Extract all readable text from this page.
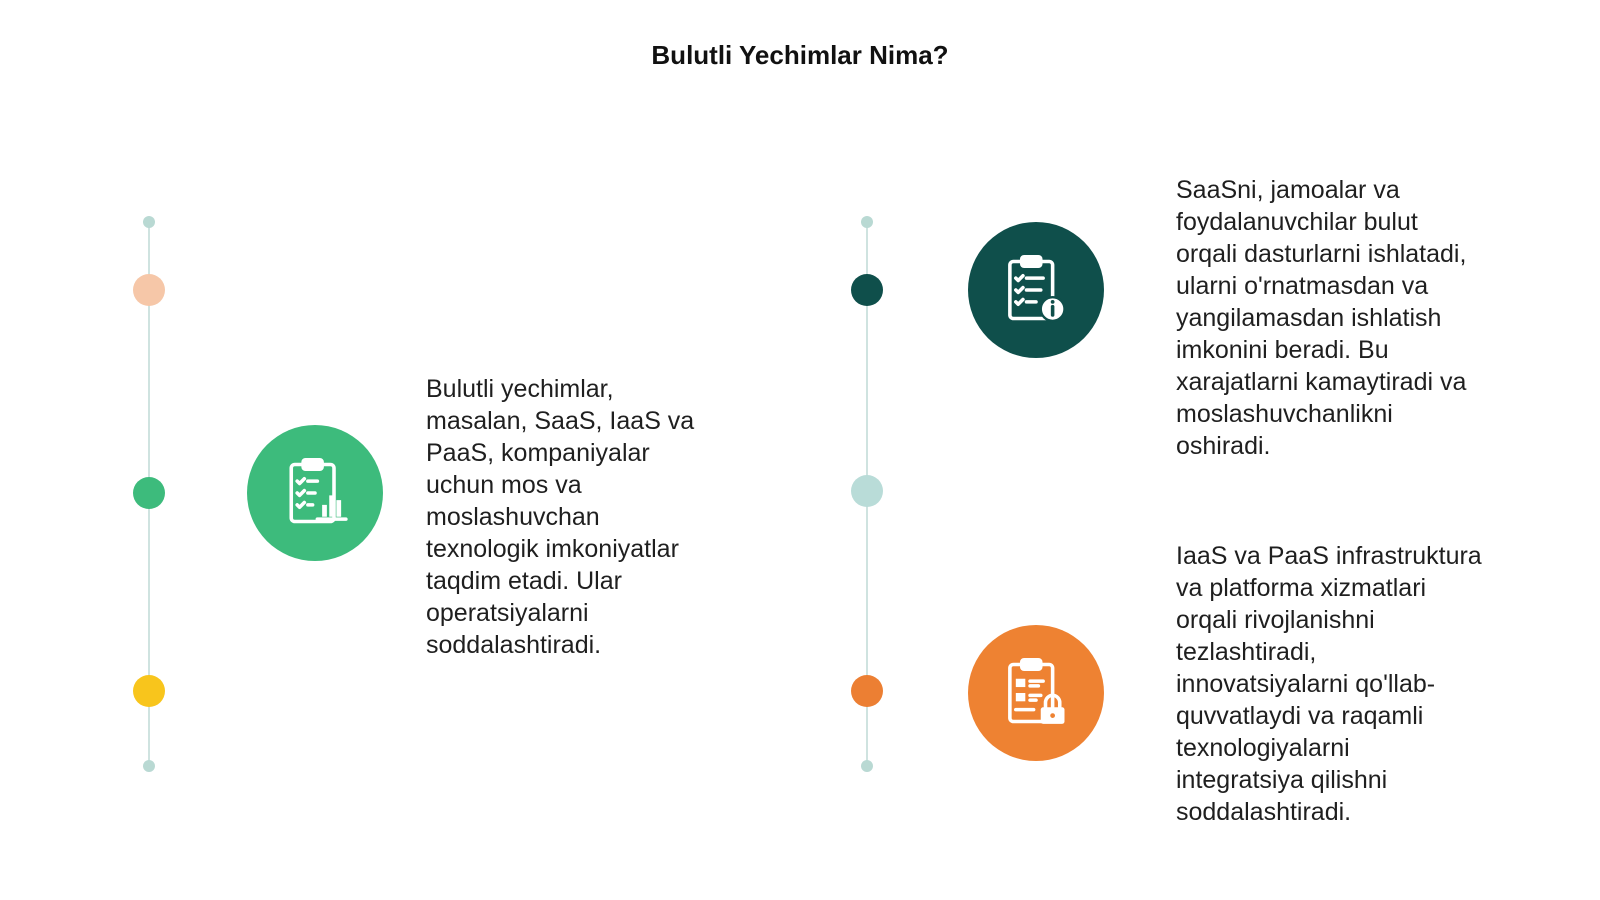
Bulutli Yechimlar Nima?
Bulutli yechimlar,
masalan, SaaS, IaaS va
PaaS, kompaniyalar
uchun mos va
moslashuvchan
texnologik imkoniyatlar
taqdim etadi. Ular
operatsiyalarni
soddalashtiradi.
SaaSni, jamoalar va
foydalanuvchilar bulut
orqali dasturlarni ishlatadi,
ularni o'rnatmasdan va
yangilamasdan ishlatish
imkonini beradi. Bu
xarajatlarni kamaytiradi va
moslashuvchanlikni
oshiradi.
IaaS va PaaS infrastruktura
va platforma xizmatlari
orqali rivojlanishni
tezlashtiradi,
innovatsiyalarni qo'llab-
quvvatlaydi va raqamli
texnologiyalarni
integratsiya qilishni
soddalashtiradi.
